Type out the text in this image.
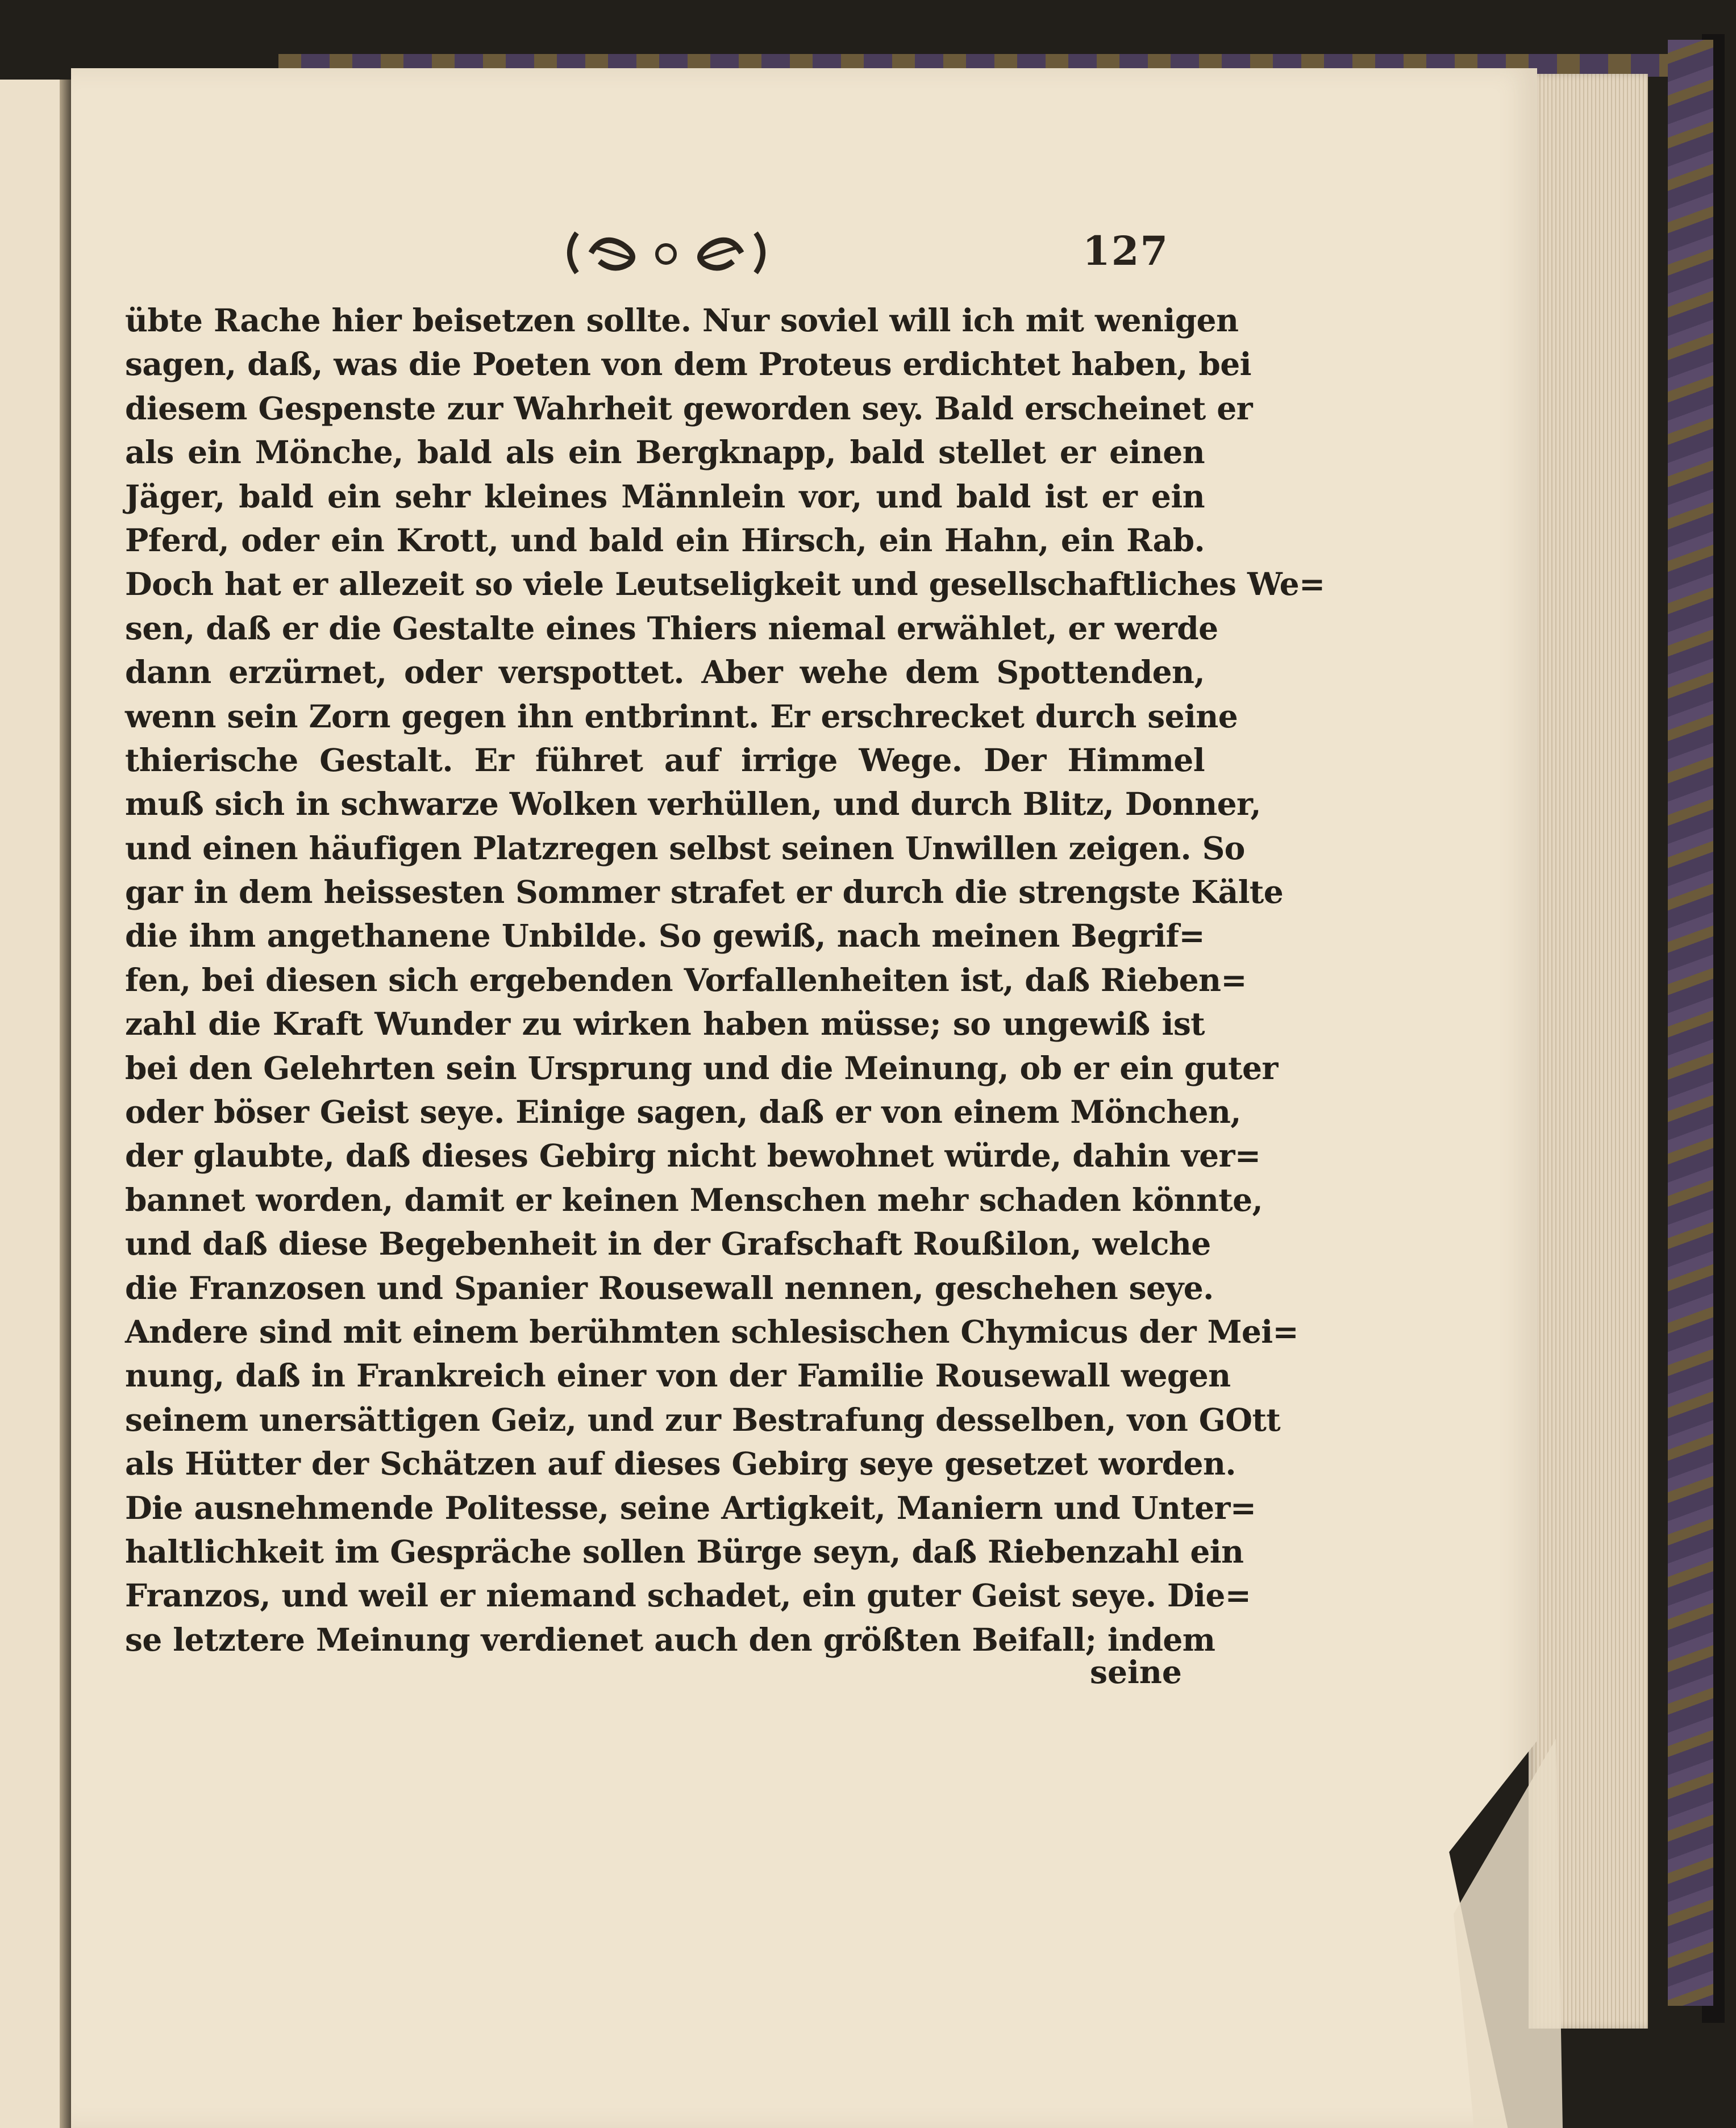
127
übte Rache hier beisetzen sollte. Nur soviel will ich mit wenigen
sagen, daß, was die Poeten von dem Proteus erdichtet haben, bei
diesem Gespenste zur Wahrheit geworden sey. Bald erscheinet er
als ein Mönche, bald als ein Bergknapp, bald stellet er einen
Jäger, bald ein sehr kleines Männlein vor, und bald ist er ein
Pferd, oder ein Krott, und bald ein Hirsch, ein Hahn, ein Rab.
Doch hat er allezeit so viele Leutseligkeit und gesellschaftliches We=
sen, daß er die Gestalte eines Thiers niemal erwählet, er werde
dann erzürnet, oder verspottet. Aber wehe dem Spottenden,
wenn sein Zorn gegen ihn entbrinnt. Er erschrecket durch seine
thierische Gestalt. Er führet auf irrige Wege. Der Himmel
muß sich in schwarze Wolken verhüllen, und durch Blitz, Donner,
und einen häufigen Platzregen selbst seinen Unwillen zeigen. So
gar in dem heissesten Sommer strafet er durch die strengste Kälte
die ihm angethanene Unbilde. So gewiß, nach meinen Begrif=
fen, bei diesen sich ergebenden Vorfallenheiten ist, daß Rieben=
zahl die Kraft Wunder zu wirken haben müsse; so ungewiß ist
bei den Gelehrten sein Ursprung und die Meinung, ob er ein guter
oder böser Geist seye. Einige sagen, daß er von einem Mönchen,
der glaubte, daß dieses Gebirg nicht bewohnet würde, dahin ver=
bannet worden, damit er keinen Menschen mehr schaden könnte,
und daß diese Begebenheit in der Grafschaft Roußilon, welche
die Franzosen und Spanier Rousewall nennen, geschehen seye.
Andere sind mit einem berühmten schlesischen Chymicus der Mei=
nung, daß in Frankreich einer von der Familie Rousewall wegen
seinem unersättigen Geiz, und zur Bestrafung desselben, von GOtt
als Hütter der Schätzen auf dieses Gebirg seye gesetzet worden.
Die ausnehmende Politesse, seine Artigkeit, Maniern und Unter=
haltlichkeit im Gespräche sollen Bürge seyn, daß Riebenzahl ein
Franzos, und weil er niemand schadet, ein guter Geist seye. Die=
se letztere Meinung verdienet auch den größten Beifall; indem
seine
